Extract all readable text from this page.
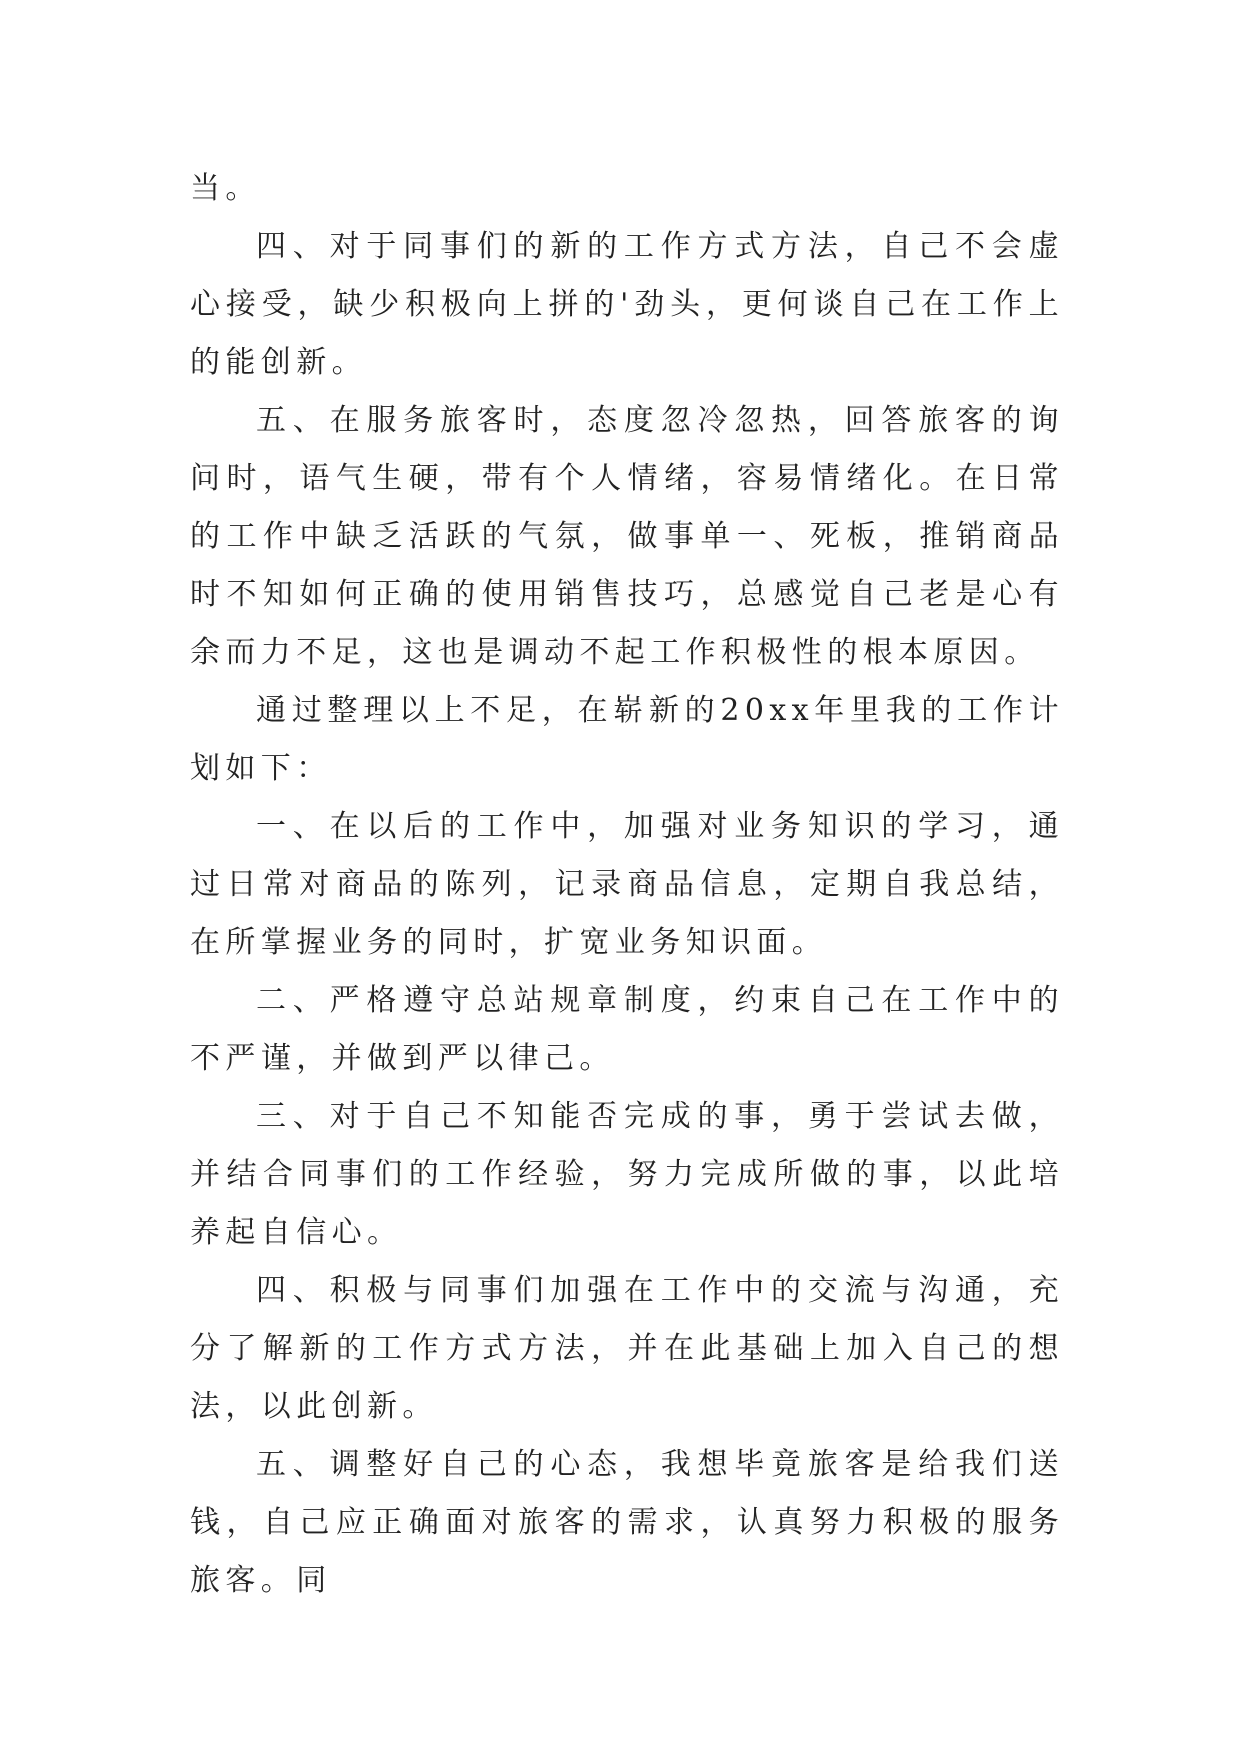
当。

四、对于同事们的新的工作方式方法，自己不会虚心接受，缺少积极向上拼的'劲头，更何谈自己在工作上的能创新。

五、在服务旅客时，态度忽冷忽热，回答旅客的询问时，语气生硬，带有个人情绪，容易情绪化。在日常的工作中缺乏活跃的气氛，做事单一、死板，推销商品时不知如何正确的使用销售技巧，总感觉自己老是心有余而力不足，这也是调动不起工作积极性的根本原因。

通过整理以上不足，在崭新的20xx年里我的工作计划如下：

一、在以后的工作中，加强对业务知识的学习，通过日常对商品的陈列，记录商品信息，定期自我总结，在所掌握业务的同时，扩宽业务知识面。

二、严格遵守总站规章制度，约束自己在工作中的不严谨，并做到严以律己。

三、对于自己不知能否完成的事，勇于尝试去做，并结合同事们的工作经验，努力完成所做的事，以此培养起自信心。

四、积极与同事们加强在工作中的交流与沟通，充分了解新的工作方式方法，并在此基础上加入自己的想法，以此创新。

五、调整好自己的心态，我想毕竟旅客是给我们送钱，自己应正确面对旅客的需求，认真努力积极的服务旅客。同
